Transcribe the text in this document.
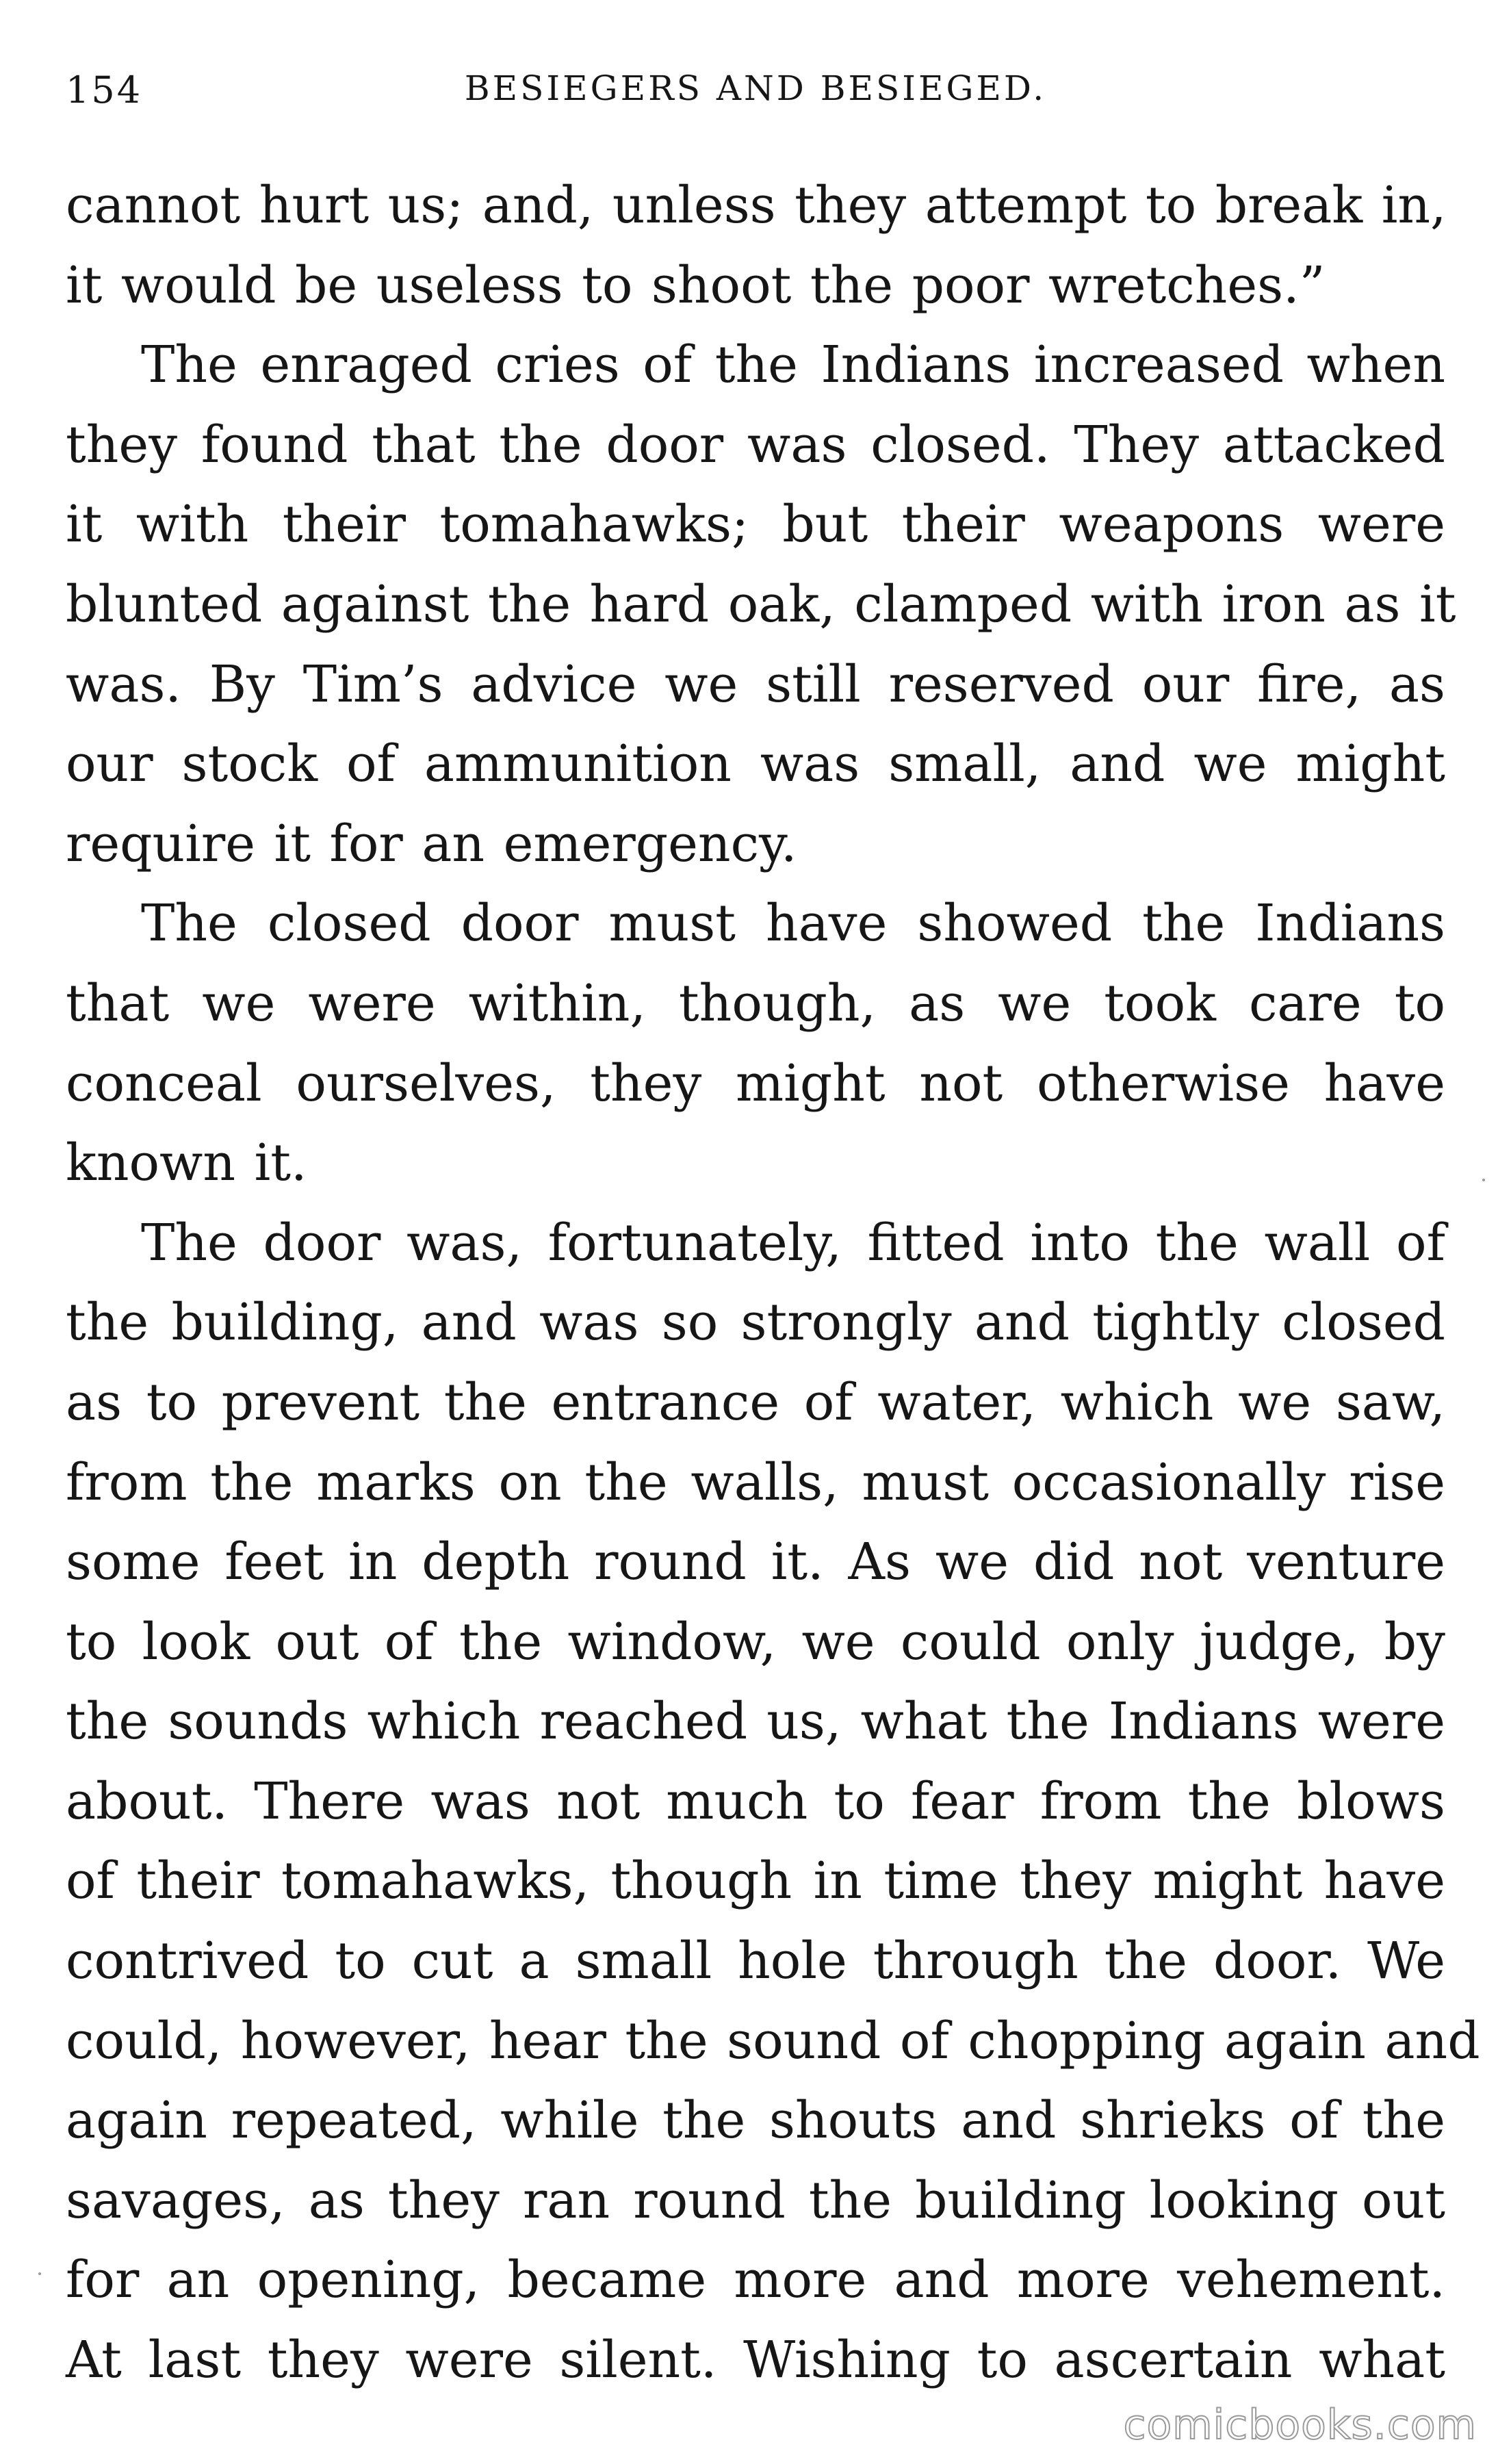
154	BESIEGERS AND BESIEGED.

cannot hurt us; and, unless they attempt to break in,
it would be useless to shoot the poor wretches.”

The enraged cries of the Indians increased when
they found that the door was closed. They attacked
it with their tomahawks; but their weapons were
blunted against the hard oak, clamped with iron as it
was. By Tim’s advice we still reserved our fire, as
our stock of ammunition was small, and we might
require it for an emergency.

The closed door must have showed the Indians
that we were within, though, as we took care to
conceal ourselves, they might not otherwise have
known it.

The door was, fortunately, fitted into the wall of
the building, and was so strongly and tightly closed
as to prevent the entrance of water, which we saw,
from the marks on the walls, must occasionally rise
some feet in depth round it. As we did not venture
to look out of the window, we could only judge, by
the sounds which reached us, what the Indians were
about. There was not much to fear from the blows
of their tomahawks, though in time they might have
contrived to cut a small hole through the door. We
could, however, hear the sound of chopping again and
again repeated, while the shouts and shrieks of the
savages, as they ran round the building looking out
for an opening, became more and more vehement.
At last they were silent. Wishing to ascertain what

comicbooks.com
